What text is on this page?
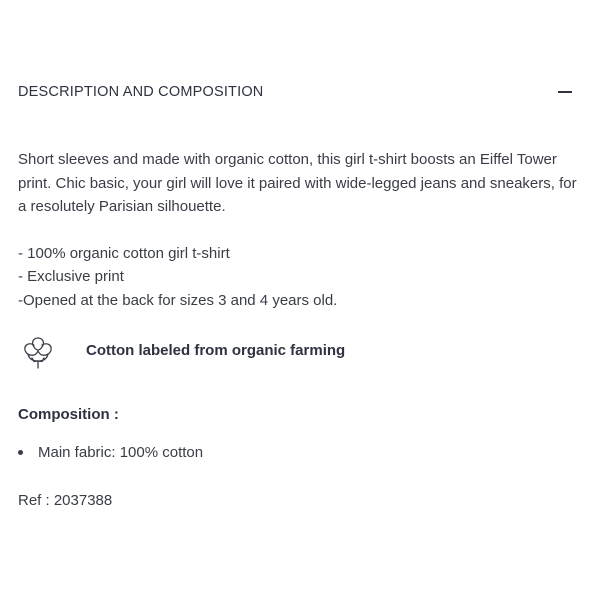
DESCRIPTION AND COMPOSITION

Short sleeves and made with organic cotton, this girl t-shirt boosts an Eiffel Tower print. Chic basic, your girl will love it paired with wide-legged jeans and sneakers, for a resolutely Parisian silhouette.

- 100% organic cotton girl t-shirt
- Exclusive print
-Opened at the back for sizes 3 and 4 years old.
Cotton labeled from organic farming
Composition :
Main fabric: 100% cotton
Ref : 2037388
